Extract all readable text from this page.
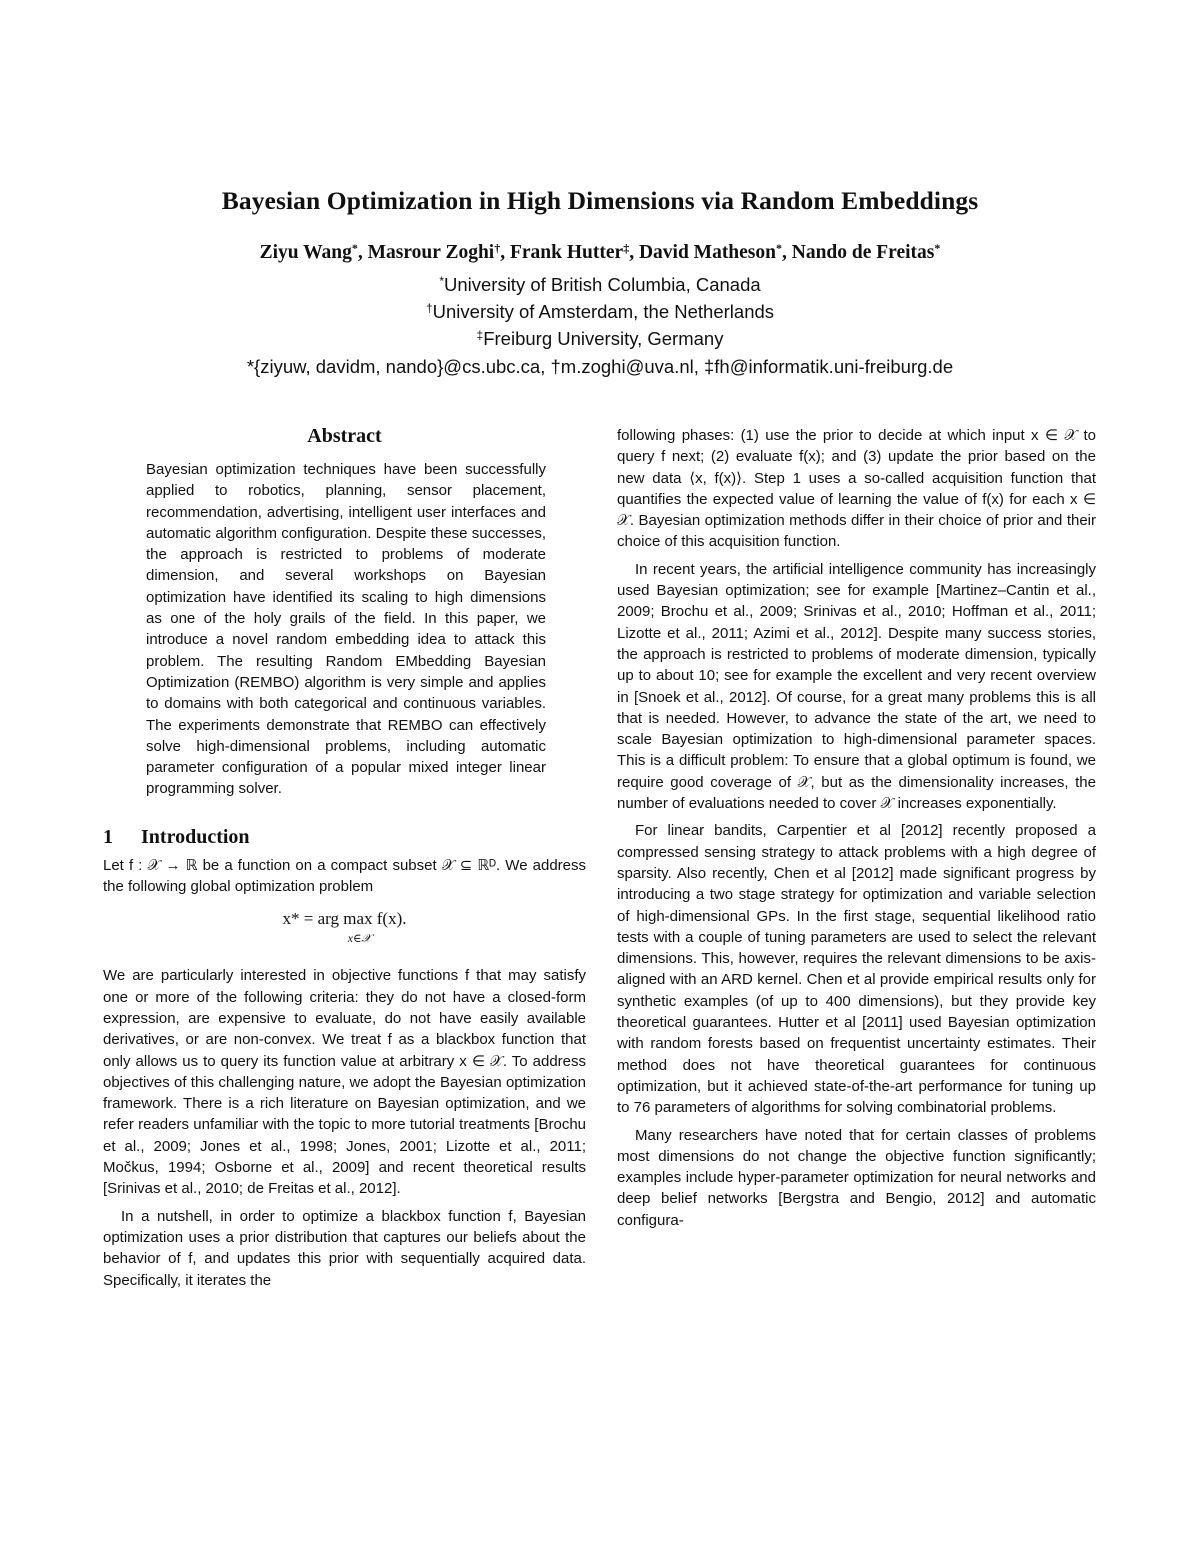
Bayesian Optimization in High Dimensions via Random Embeddings
Ziyu Wang*, Masrour Zoghi†, Frank Hutter‡, David Matheson*, Nando de Freitas*
*University of British Columbia, Canada
†University of Amsterdam, the Netherlands
‡Freiburg University, Germany
*{ziyuw, davidm, nando}@cs.ubc.ca, †m.zoghi@uva.nl, ‡fh@informatik.uni-freiburg.de
Abstract
Bayesian optimization techniques have been successfully applied to robotics, planning, sensor placement, recommendation, advertising, intelligent user interfaces and automatic algorithm configuration. Despite these successes, the approach is restricted to problems of moderate dimension, and several workshops on Bayesian optimization have identified its scaling to high dimensions as one of the holy grails of the field. In this paper, we introduce a novel random embedding idea to attack this problem. The resulting Random EMbedding Bayesian Optimization (REMBO) algorithm is very simple and applies to domains with both categorical and continuous variables. The experiments demonstrate that REMBO can effectively solve high-dimensional problems, including automatic parameter configuration of a popular mixed integer linear programming solver.
1 Introduction

Let f : 𝒳 → ℝ be a function on a compact subset 𝒳 ⊆ ℝᴰ. We address the following global optimization problem

x* = arg max f(x).
x∈𝒳

We are particularly interested in objective functions f that may satisfy one or more of the following criteria: they do not have a closed-form expression, are expensive to evaluate, do not have easily available derivatives, or are non-convex. We treat f as a blackbox function that only allows us to query its function value at arbitrary x ∈ 𝒳. To address objectives of this challenging nature, we adopt the Bayesian optimization framework. There is a rich literature on Bayesian optimization, and we refer readers unfamiliar with the topic to more tutorial treatments [Brochu et al., 2009; Jones et al., 1998; Jones, 2001; Lizotte et al., 2011; Močkus, 1994; Osborne et al., 2009] and recent theoretical results [Srinivas et al., 2010; de Freitas et al., 2012].

In a nutshell, in order to optimize a blackbox function f, Bayesian optimization uses a prior distribution that captures our beliefs about the behavior of f, and updates this prior with sequentially acquired data. Specifically, it iterates the

following phases: (1) use the prior to decide at which input x ∈ 𝒳 to query f next; (2) evaluate f(x); and (3) update the prior based on the new data ⟨x, f(x)⟩. Step 1 uses a so-called acquisition function that quantifies the expected value of learning the value of f(x) for each x ∈ 𝒳. Bayesian optimization methods differ in their choice of prior and their choice of this acquisition function.

In recent years, the artificial intelligence community has increasingly used Bayesian optimization; see for example [Martinez–Cantin et al., 2009; Brochu et al., 2009; Srinivas et al., 2010; Hoffman et al., 2011; Lizotte et al., 2011; Azimi et al., 2012]. Despite many success stories, the approach is restricted to problems of moderate dimension, typically up to about 10; see for example the excellent and very recent overview in [Snoek et al., 2012]. Of course, for a great many problems this is all that is needed. However, to advance the state of the art, we need to scale Bayesian optimization to high-dimensional parameter spaces. This is a difficult problem: To ensure that a global optimum is found, we require good coverage of 𝒳, but as the dimensionality increases, the number of evaluations needed to cover 𝒳 increases exponentially.

For linear bandits, Carpentier et al [2012] recently proposed a compressed sensing strategy to attack problems with a high degree of sparsity. Also recently, Chen et al [2012] made significant progress by introducing a two stage strategy for optimization and variable selection of high-dimensional GPs. In the first stage, sequential likelihood ratio tests with a couple of tuning parameters are used to select the relevant dimensions. This, however, requires the relevant dimensions to be axis-aligned with an ARD kernel. Chen et al provide empirical results only for synthetic examples (of up to 400 dimensions), but they provide key theoretical guarantees. Hutter et al [2011] used Bayesian optimization with random forests based on frequentist uncertainty estimates. Their method does not have theoretical guarantees for continuous optimization, but it achieved state-of-the-art performance for tuning up to 76 parameters of algorithms for solving combinatorial problems.

Many researchers have noted that for certain classes of problems most dimensions do not change the objective function significantly; examples include hyper-parameter optimization for neural networks and deep belief networks [Bergstra and Bengio, 2012] and automatic configura-
